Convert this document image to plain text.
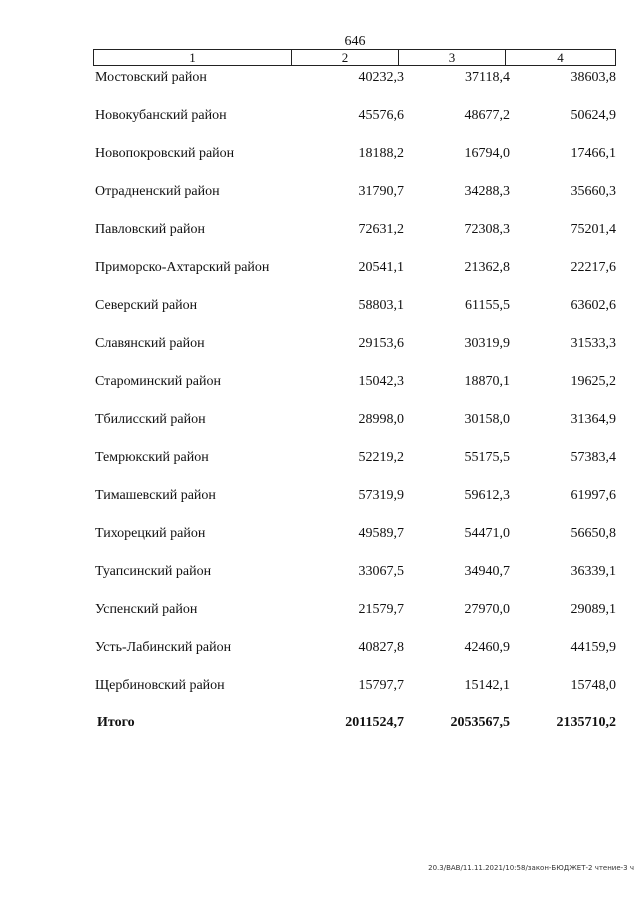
646
1	2	3	4
Мостовский район	40232,3	37118,4	38603,8
Новокубанский район	45576,6	48677,2	50624,9
Новопокровский район	18188,2	16794,0	17466,1
Отрадненский район	31790,7	34288,3	35660,3
Павловский район	72631,2	72308,3	75201,4
Приморско-Ахтарский район	20541,1	21362,8	22217,6
Северский район	58803,1	61155,5	63602,6
Славянский район	29153,6	30319,9	31533,3
Староминский район	15042,3	18870,1	19625,2
Тбилисский район	28998,0	30158,0	31364,9
Темрюкский район	52219,2	55175,5	57383,4
Тимашевский район	57319,9	59612,3	61997,6
Тихорецкий район	49589,7	54471,0	56650,8
Туапсинский район	33067,5	34940,7	36339,1
Успенский район	21579,7	27970,0	29089,1
Усть-Лабинский район	40827,8	42460,9	44159,9
Щербиновский район	15797,7	15142,1	15748,0
Итого	2011524,7	2053567,5	2135710,2
20.3/ВАВ/11.11.2021/10:58/закон-БЮДЖЕТ-2 чтение-3 ч
